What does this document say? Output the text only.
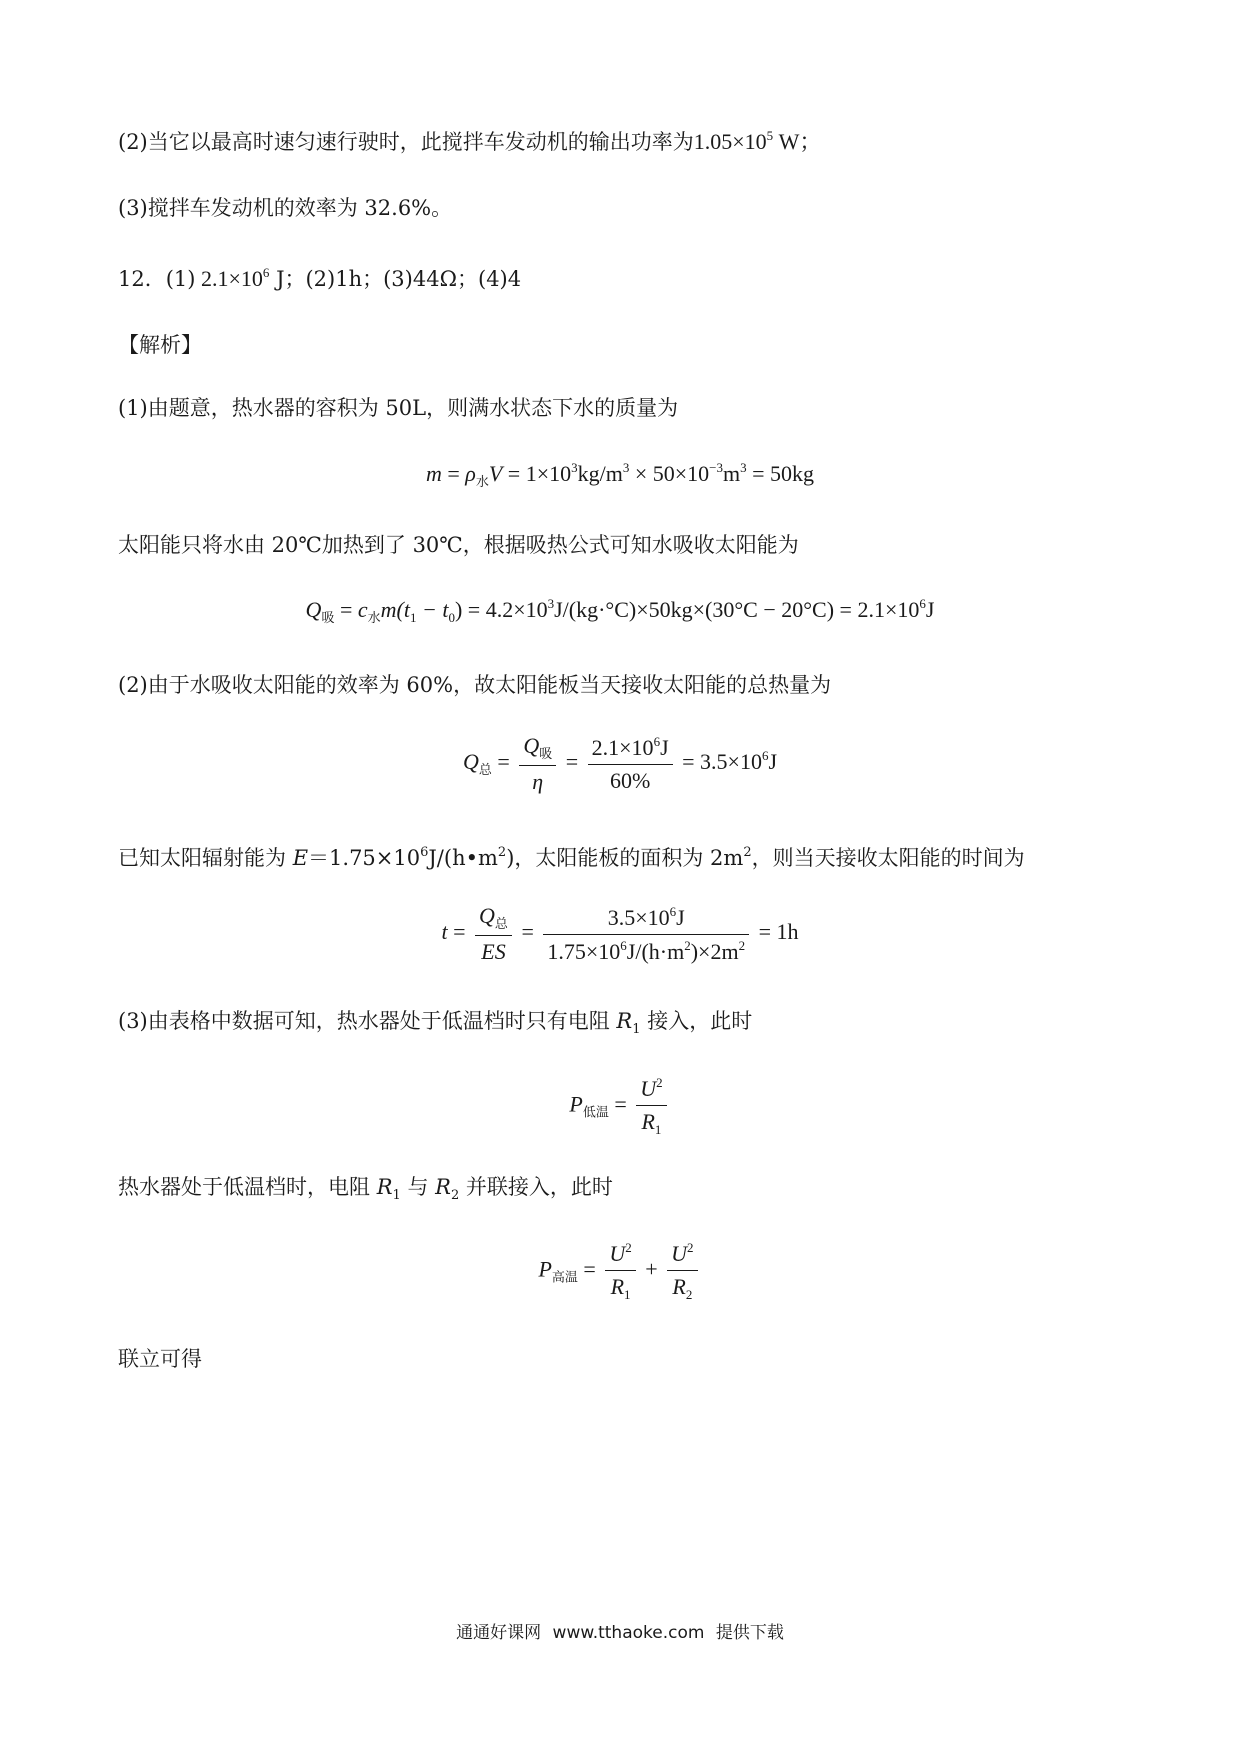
(2)当它以最高时速匀速行驶时，此搅拌车发动机的输出功率为$1.05\times 10^5$ W；
(3)搅拌车发动机的效率为 32.6%。
12．(1) $2.1\times 10^6$ J；(2)1h；(3)44Ω；(4)4
【解析】
(1)由题意，热水器的容积为 50L，则满水状态下水的质量为
$m = \rho_水V = 1\times 10^3kg/m^3 \times 50\times 10^{-3}m^3 = 50kg$
太阳能只将水由 20℃加热到了 30℃，根据吸热公式可知水吸收太阳能为
$Q_吸 = c_水m(t_1 - t_0) = 4.2\times 10^3J/(kg\cdot^\circ C)\times 50kg\times(30^\circ C - 20^\circ C) = 2.1\times 10^6J$
(2)由于水吸收太阳能的效率为 60%，故太阳能板当天接收太阳能的总热量为
$Q_总 = \frac{Q_吸}{\eta} = \frac{2.1\times 10^6J}{60\%} = 3.5\times 10^6J$
已知太阳辐射能为 $E=1.75\times 10^6J/(h•m^2)$，太阳能板的面积为 $2m^2$，则当天接收太阳能的时间为
$t = \frac{Q_总}{ES} = \frac{3.5\times 10^6J}{1.75\times 10^6J/(h\cdot m^2)\times 2m^2} = 1h$
(3)由表格中数据可知，热水器处于低温档时只有电阻 $R_1$ 接入，此时
$P_{低温} = \frac{U^2}{R_1}$
热水器处于低温档时，电阻 $R_1$ 与 $R_2$ 并联接入，此时
$P_{高温} = \frac{U^2}{R_1} + \frac{U^2}{R_2}$
联立可得
通通好课网 www.tthaoke.com 提供下载
